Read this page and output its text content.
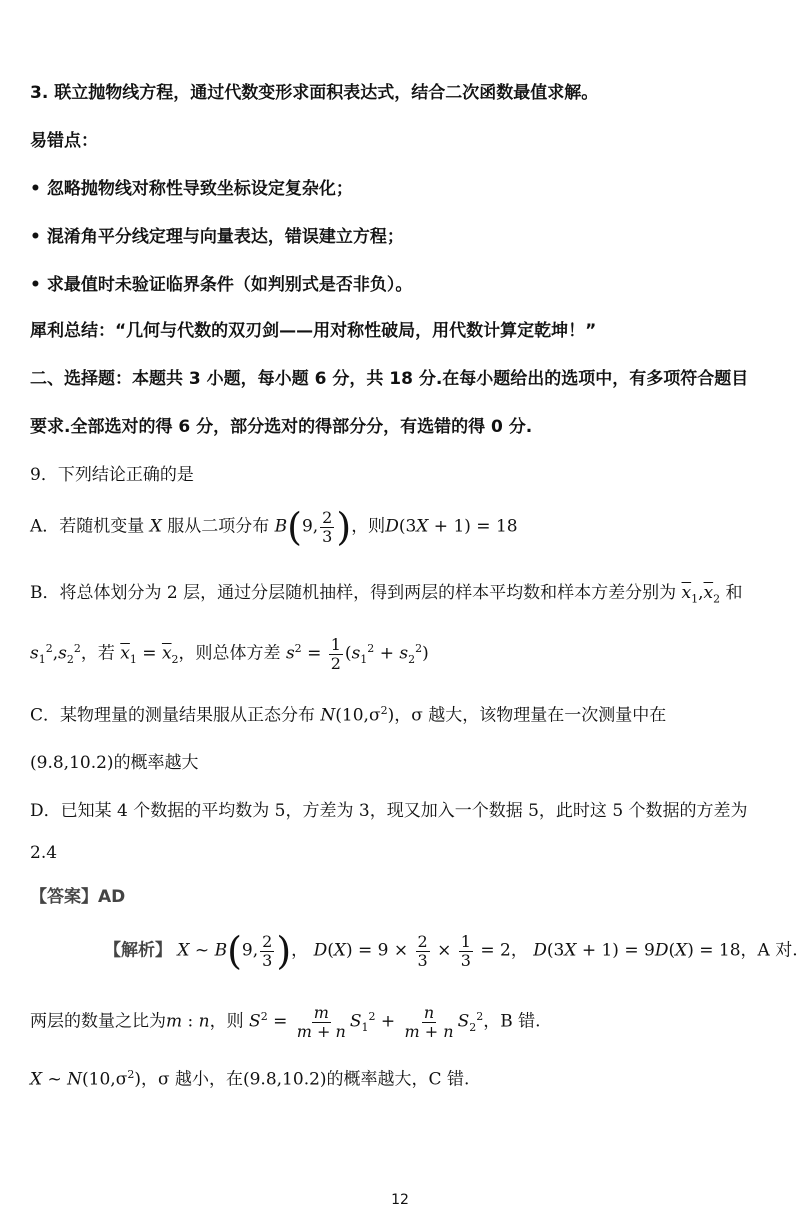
3. 联立抛物线方程，通过代数变形求面积表达式，结合二次函数最值求解。
易错点：
• 忽略抛物线对称性导致坐标设定复杂化；
• 混淆角平分线定理与向量表达，错误建立方程；
• 求最值时未验证临界条件（如判别式是否非负）。
犀利总结：“几何与代数的双刃剑——用对称性破局，用代数计算定乾坤！”
二、选择题：本题共 3 小题，每小题 6 分，共 18 分.在每小题给出的选项中，有多项符合题目
要求.全部选对的得 6 分，部分选对的得部分分，有选错的得 0 分.
9．下列结论正确的是
A．若随机变量 X 服从二项分布 B(9, $\frac{2}{3}$ )，则D(3X + 1) = 18
B．将总体划分为 2 层，通过分层随机抽样，得到两层的样本平均数和样本方差分别为 $\overline{x}_1,\overline{x}_2$ 和
$s_1^2,s_2^2$，若 $\overline{x}_1 = \overline{x}_2$，则总体方差 $s^2 = \frac{1}{2} (s_1^2 + s_2^2)$
C．某物理量的测量结果服从正态分布 $N(10,\sigma^2)$，σ 越大，该物理量在一次测量中在
(9.8,10.2)的概率越大
D．已知某 4 个数据的平均数为 5，方差为 3，现又加入一个数据 5，此时这 5 个数据的方差为
2.4
【答案】AD
【解析】 X ~ B(9, $\frac{2}{3}$ )， $D(X) = 9 \times \frac{2}{3} \times \frac{1}{3} = 2$， D(3X + 1) = 9D(X) = 18，A 对.
两层的数量之比为m : n，则 $S^2 = \frac{m}{m + n} S_1^2 + \frac{n}{m + n} S_2^2$，B 错.
X ~ $N(10,\sigma^2)$，σ 越小，在(9.8,10.2)的概率越大，C 错.
12
